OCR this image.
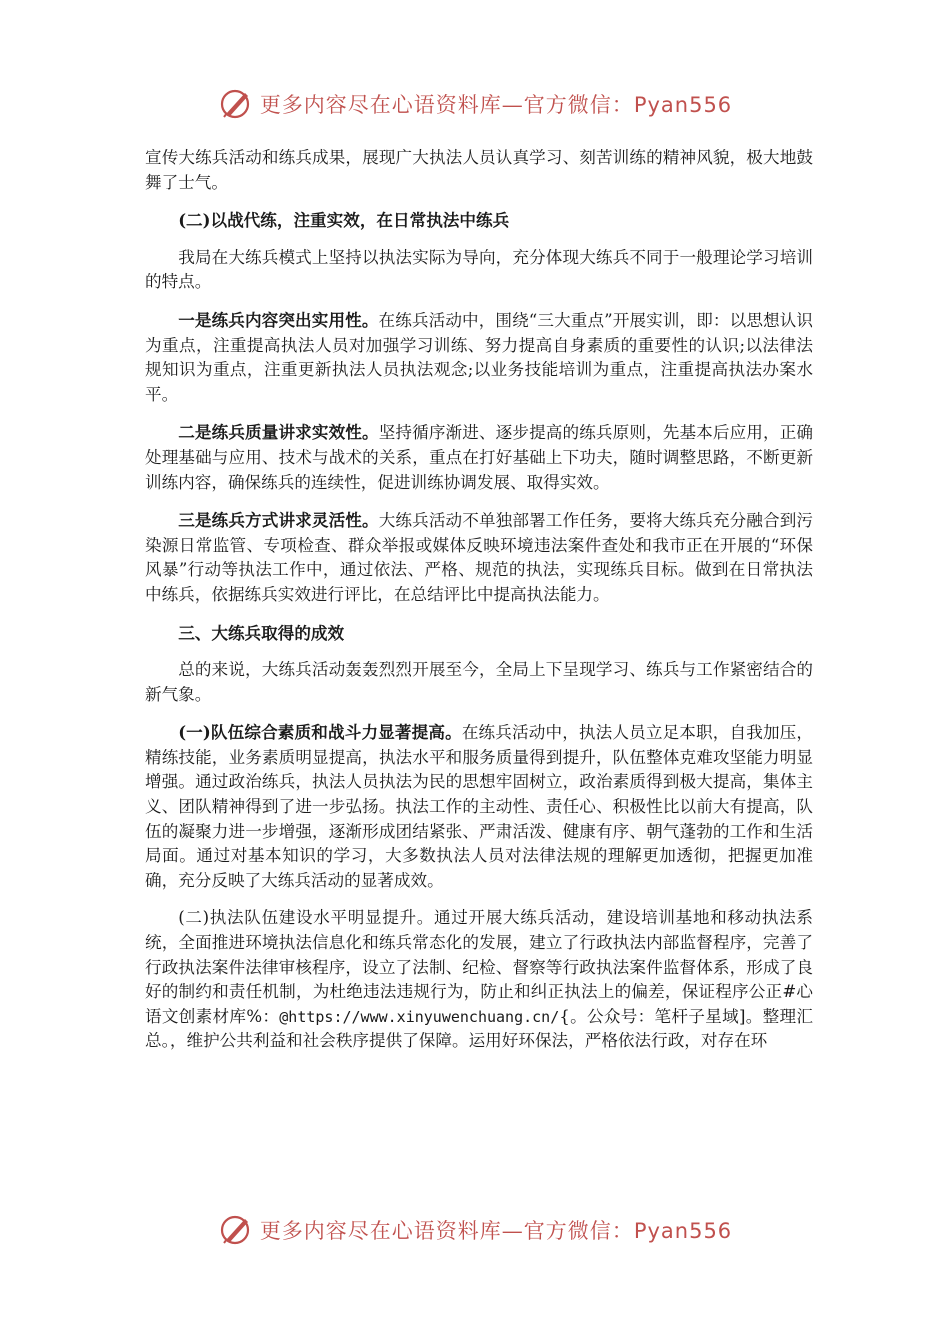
更多内容尽在心语资料库—官方微信：Pyan556

宣传大练兵活动和练兵成果，展现广大执法人员认真学习、刻苦训练的精神风貌，极大地鼓舞了士气。

(二)以战代练，注重实效，在日常执法中练兵

我局在大练兵模式上坚持以执法实际为导向，充分体现大练兵不同于一般理论学习培训的特点。

一是练兵内容突出实用性。在练兵活动中，围绕“三大重点”开展实训，即：以思想认识为重点，注重提高执法人员对加强学习训练、努力提高自身素质的重要性的认识;以法律法规知识为重点，注重更新执法人员执法观念;以业务技能培训为重点，注重提高执法办案水平。

二是练兵质量讲求实效性。坚持循序渐进、逐步提高的练兵原则，先基本后应用，正确处理基础与应用、技术与战术的关系，重点在打好基础上下功夫，随时调整思路，不断更新训练内容，确保练兵的连续性，促进训练协调发展、取得实效。

三是练兵方式讲求灵活性。大练兵活动不单独部署工作任务，要将大练兵充分融合到污染源日常监管、专项检查、群众举报或媒体反映环境违法案件查处和我市正在开展的“环保风暴”行动等执法工作中，通过依法、严格、规范的执法，实现练兵目标。做到在日常执法中练兵，依据练兵实效进行评比，在总结评比中提高执法能力。

三、大练兵取得的成效

总的来说，大练兵活动轰轰烈烈开展至今，全局上下呈现学习、练兵与工作紧密结合的新气象。

(一)队伍综合素质和战斗力显著提高。在练兵活动中，执法人员立足本职，自我加压，精练技能，业务素质明显提高，执法水平和服务质量得到提升，队伍整体克难攻坚能力明显增强。通过政治练兵，执法人员执法为民的思想牢固树立，政治素质得到极大提高，集体主义、团队精神得到了进一步弘扬。执法工作的主动性、责任心、积极性比以前大有提高，队伍的凝聚力进一步增强，逐渐形成团结紧张、严肃活泼、健康有序、朝气蓬勃的工作和生活局面。通过对基本知识的学习，大多数执法人员对法律法规的理解更加透彻，把握更加准确，充分反映了大练兵活动的显著成效。

(二)执法队伍建设水平明显提升。通过开展大练兵活动，建设培训基地和移动执法系统，全面推进环境执法信息化和练兵常态化的发展，建立了行政执法内部监督程序，完善了行政执法案件法律审核程序，设立了法制、纪检、督察等行政执法案件监督体系，形成了良好的制约和责任机制，为杜绝违法违规行为，防止和纠正执法上的偏差，保证程序公正#心语文创素材库%：@https://www.xinyuwenchuang.cn/{。公众号：笔杆子星域]。整理汇总。，维护公共利益和社会秩序提供了保障。运用好环保法，严格依法行政，对存在环

更多内容尽在心语资料库—官方微信：Pyan556
